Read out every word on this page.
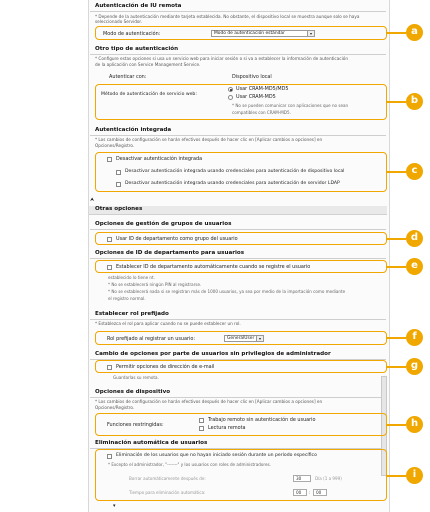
Autenticación de IU remota
* Depende de la autenticación mediante tarjeta establecida. No obstante, el dispositivo local se muestra aunque solo se haya seleccionado Servidor.
Modo de autenticación:	Modo de autenticación estándar	▾
Otro tipo de autenticación
* Configure estas opciones si usa un servicio web para iniciar sesión o si va a establecer la información de autenticación
de la aplicación con Service Management Service.
Autenticar con:	Dispositivo local
Método de autenticación de servicio web:
Usar CRAM-MD5/MD5
Usar CRAM-MD5
* No se pueden comunicar con aplicaciones que no sean
compatibles con CRAM-MD5.
Autenticación integrada
* Los cambios de configuración se harán efectivos después de hacer clic en [Aplicar cambios a opciones] en
Opciones/Registro.
Desactivar autenticación integrada
Desactivar autenticación integrada usando credenciales para autenticación de dispositivo local
Desactivar autenticación integrada usando credenciales para autenticación de servidor LDAP
⮝
Otras opciones
Opciones de gestión de grupos de usuarios
Usar ID de departamento como grupo del usuario
Opciones de ID de departamento para usuarios
Establecer ID de departamento automáticamente cuando se registre el usuario
establecido lo tiene nt.
* No se establecerá ningún PIN al registrarse.
* No se establecerá nada si se registran más de 1000 usuarios, ya sea por medio de la importación como mediante
el registro normal.
Establecer rol prefijado
* Establezca el rol para aplicar cuando no se puede establecer un rol.
Rol prefijado al registrar un usuario:	GeneralUser	▾
Cambio de opciones por parte de usuarios sin privilegios de administrador
Permitir opciones de dirección de e-mail
Guardarlas su remota.
Opciones de dispositivo
* Los cambios de configuración se harán efectivos después de hacer clic en [Aplicar cambios a opciones] en
Opciones/Registro.
Funciones restringidas:
Trabajo remoto sin autenticación de usuario
Lectura remota
Eliminación automática de usuarios
Eliminación de los usuarios que no hayan iniciado sesión durante un período específico
* Excepto el administrador, "-------" y los usuarios con roles de administradores.
Borrar automáticamente después de:	30	Día (1 a 999)
Tiempo para eliminación automática:	00	:	00
▾
a
b
c
d
e
f
g
h
i
